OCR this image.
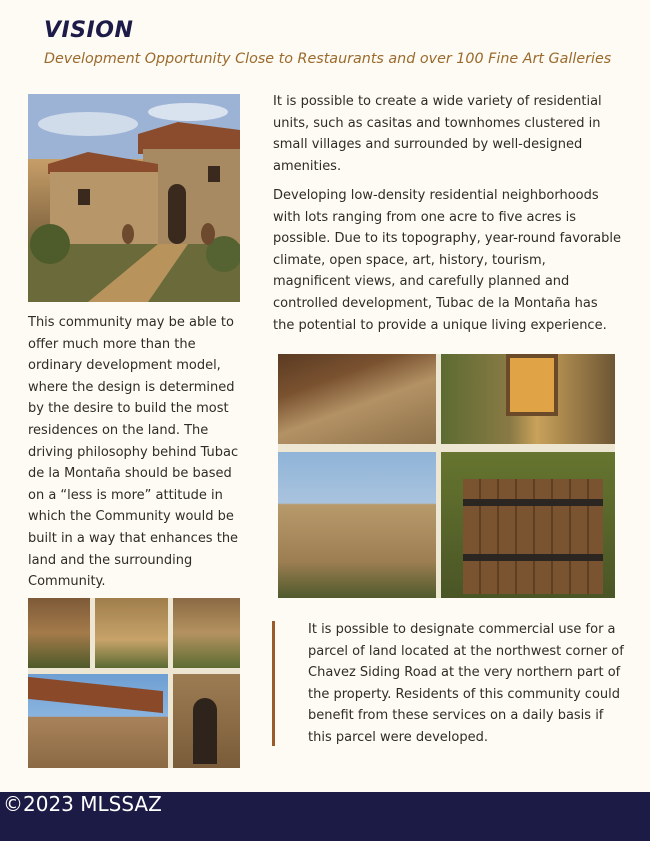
VISION

Development Opportunity Close to Restaurants and over 100 Fine Art Galleries

It is possible to create a wide variety of residential units, such as casitas and townhomes clustered in small villages and surrounded by well-designed amenities.

Developing low-density residential neighborhoods with lots ranging from one acre to five acres is possible. Due to its topography, year-round favorable climate, open space, art, history, tourism, magnificent views, and carefully planned and controlled development, Tubac de la Montaña has the potential to provide a unique living experience.

This community may be able to offer much more than the ordinary development model, where the design is determined by the desire to build the most residences on the land. The driving philosophy behind Tubac de la Montaña should be based on a “less is more” attitude in which the Community would be built in a way that enhances the land and the surrounding Community.

It is possible to designate commercial use for a parcel of land located at the northwest corner of Chavez Siding Road at the very northern part of the property. Residents of this community could benefit from these services on a daily basis if this parcel were developed.

©2023 MLSSAZ
